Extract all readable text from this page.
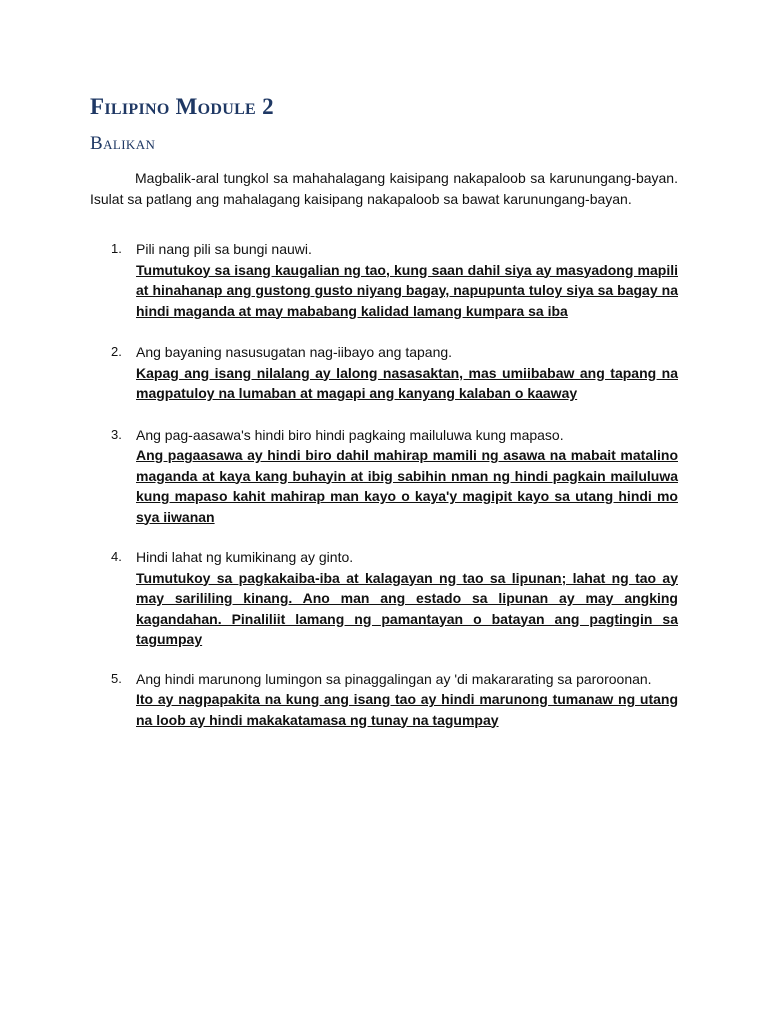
Filipino Module 2
Balikan

Magbalik-aral tungkol sa mahahalagang kaisipang nakapaloob sa karunungang-bayan. Isulat sa patlang ang mahalagang kaisipang nakapaloob sa bawat karunungang-bayan.

1. Pili nang pili sa bungi nauwi.
Tumutukoy sa isang kaugalian ng tao, kung saan dahil siya ay masyadong mapili at hinahanap ang gustong gusto niyang bagay, napupunta tuloy siya sa bagay na hindi maganda at may mababang kalidad lamang kumpara sa iba
2. Ang bayaning nasusugatan nag-iibayo ang tapang.
Kapag ang isang nilalang ay lalong nasasaktan, mas umiibabaw ang tapang na magpatuloy na lumaban at magapi ang kanyang kalaban o kaaway
3. Ang pag-aasawa's hindi biro hindi pagkaing mailuluwa kung mapaso.
Ang pagaasawa ay hindi biro dahil mahirap mamili ng asawa na mabait matalino maganda at kaya kang buhayin at ibig sabihin nman ng hindi pagkain mailuluwa kung mapaso kahit mahirap man kayo o kaya'y magipit kayo sa utang hindi mo sya iiwanan
4. Hindi lahat ng kumikinang ay ginto.
Tumutukoy sa pagkakaiba-iba at kalagayan ng tao sa lipunan; lahat ng tao ay may sarililing kinang. Ano man ang estado sa lipunan ay may angking kagandahan. Pinaliliit lamang ng pamantayan o batayan ang pagtingin sa tagumpay
5. Ang hindi marunong lumingon sa pinaggalingan ay 'di makararating sa paroroonan.
Ito ay nagpapakita na kung ang isang tao ay hindi marunong tumanaw ng utang na loob ay hindi makakatamasa ng tunay na tagumpay
